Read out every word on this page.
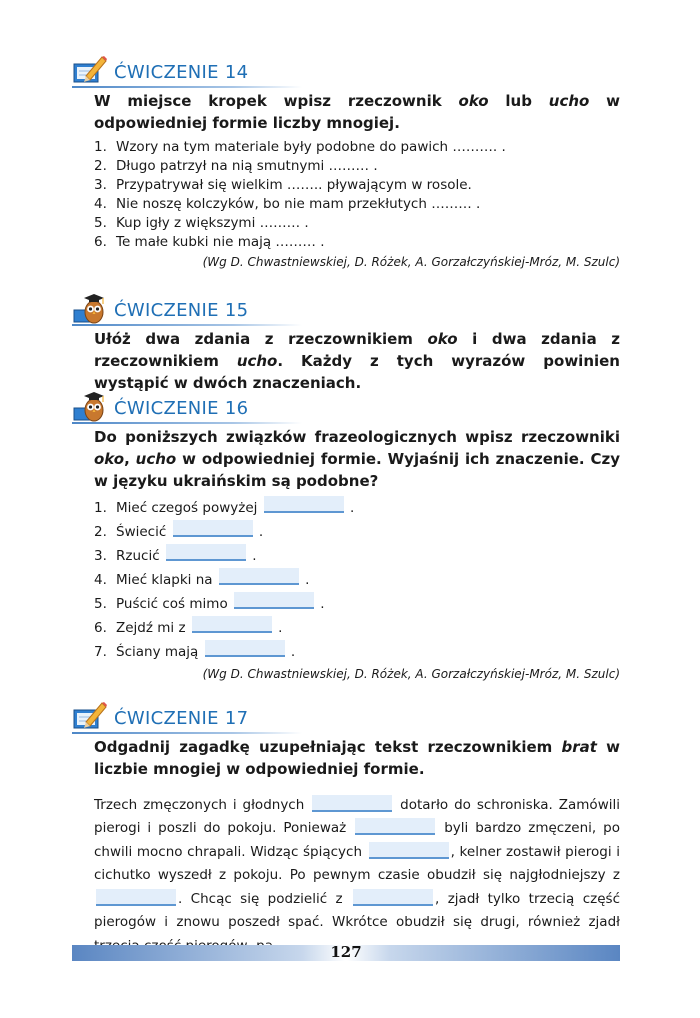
ĆWICZENIE 14

W miejsce kropek wpisz rzeczownik oko lub ucho w odpowiedniej formie liczby mnogiej.

1. Wzory na tym materiale były podobne do pawich ………. .
2. Długo patrzył na nią smutnymi ……… .
3. Przypatrywał się wielkim …….. pływającym w rosole.
4. Nie noszę kolczyków, bo nie mam przekłutych ……… .
5. Kup igły z większymi ……… .
6. Te małe kubki nie mają ……… .
(Wg D. Chwastniewskiej, D. Różek, A. Gorzałczyńskiej-Mróz, M. Szulc)
ĆWICZENIE 15

Ułóż dwa zdania z rzeczownikiem oko i dwa zdania z rzeczownikiem ucho. Każdy z tych wyrazów powinien wystąpić w dwóch znaczeniach.

ĆWICZENIE 16

Do poniższych związków frazeologicznych wpisz rzeczowniki oko, ucho w odpowiedniej formie. Wyjaśnij ich znaczenie. Czy w języku ukraińskim są podobne?

1. Mieć czegoś powyżej

	.
2. Świecić

	.
3. Rzucić

	.
4. Mieć klapki na

	.
5. Puścić coś mimo

	.
6. Zejdź mi z

	.
7. Ściany mają

	.
(Wg D. Chwastniewskiej, D. Różek, A. Gorzałczyńskiej-Mróz, M. Szulc)
ĆWICZENIE 17

Odgadnij zagadkę uzupełniając tekst rzeczownikiem brat w liczbie mnogiej w odpowiedniej formie.

Trzech zmęczonych i głodnych	dotarło do schroniska. Zamówili pierogi i poszli do pokoju. Ponieważ	byli bardzo zmęczeni, po chwili mocno chrapali. Widząc śpiących	, kelner zostawił pierogi i cichutko wyszedł z pokoju. Po pewnym czasie obudził się najgłodniejszy z . Chcąc się podzielić z	, zjadł tylko trzecią część pierogów i znowu poszedł spać. Wkrótce obudził się drugi, również zjadł

127
